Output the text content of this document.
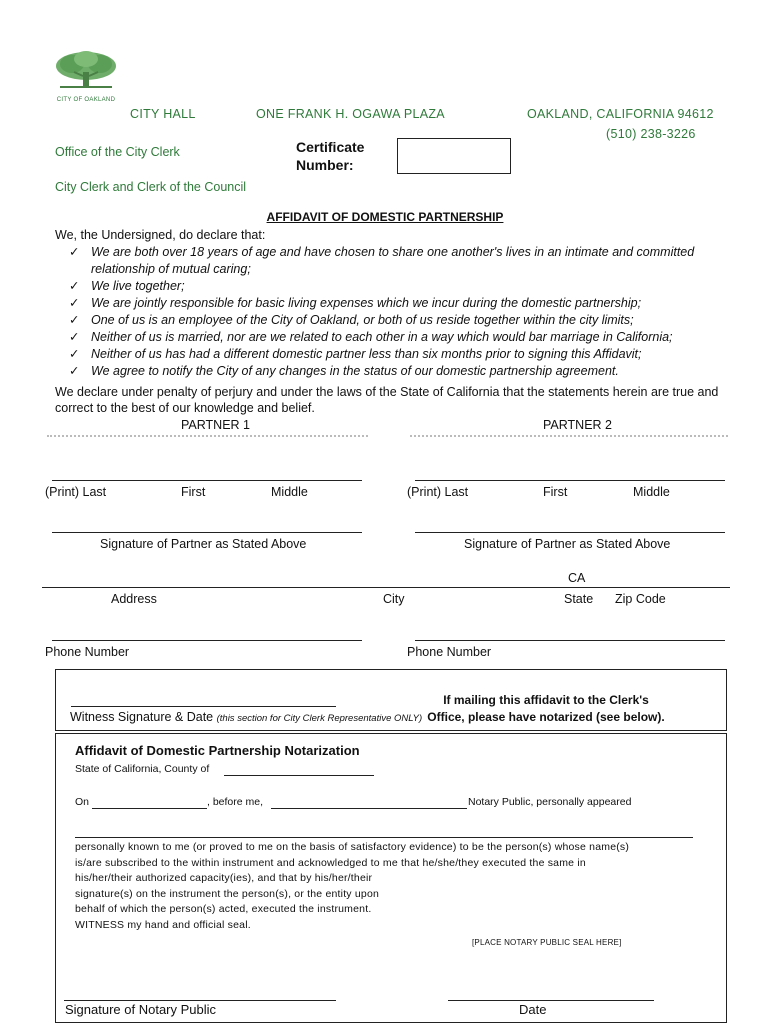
CITY OF OAKLAND
CITY HALL	ONE FRANK H. OGAWA PLAZA	OAKLAND, CALIFORNIA 94612
(510) 238-3226
Office of the City Clerk
City Clerk and Clerk of the Council
Certificate
Number:
AFFIDAVIT OF DOMESTIC PARTNERSHIP
We, the Undersigned, do declare that:
✓ We are both over 18 years of age and have chosen to share one another's lives in an intimate and committed relationship of mutual caring;
✓ We live together;
✓ We are jointly responsible for basic living expenses which we incur during the domestic partnership;
✓ One of us is an employee of the City of Oakland, or both of us reside together within the city limits;
✓ Neither of us is married, nor are we related to each other in a way which would bar marriage in California;
✓ Neither of us has had a different domestic partner less than six months prior to signing this Affidavit;
✓ We agree to notify the City of any changes in the status of our domestic partnership agreement.
We declare under penalty of perjury and under the laws of the State of California that the statements herein are true and correct to the best of our knowledge and belief.
PARTNER 1	PARTNER 2
(Print) Last	First	Middle	(Print) Last	First	Middle
Signature of Partner as Stated Above	Signature of Partner as Stated Above
CA
Address	City	State Zip Code
Phone Number	Phone Number
Witness Signature & Date (this section for City Clerk Representative ONLY)
If mailing this affidavit to the Clerk's
Office, please have notarized (see below).
Affidavit of Domestic Partnership Notarization
State of California, County of
On	, before me,	Notary Public, personally appeared
personally known to me (or proved to me on the basis of satisfactory evidence) to be the person(s) whose name(s)
is/are subscribed to the within instrument and acknowledged to me that he/she/they executed the same in
his/her/their authorized capacity(ies), and that by his/her/their
signature(s) on the instrument the person(s), or the entity upon
behalf of which the person(s) acted, executed the instrument.
WITNESS my hand and official seal.
[PLACE NOTARY PUBLIC SEAL HERE]
Signature of Notary Public	Date
